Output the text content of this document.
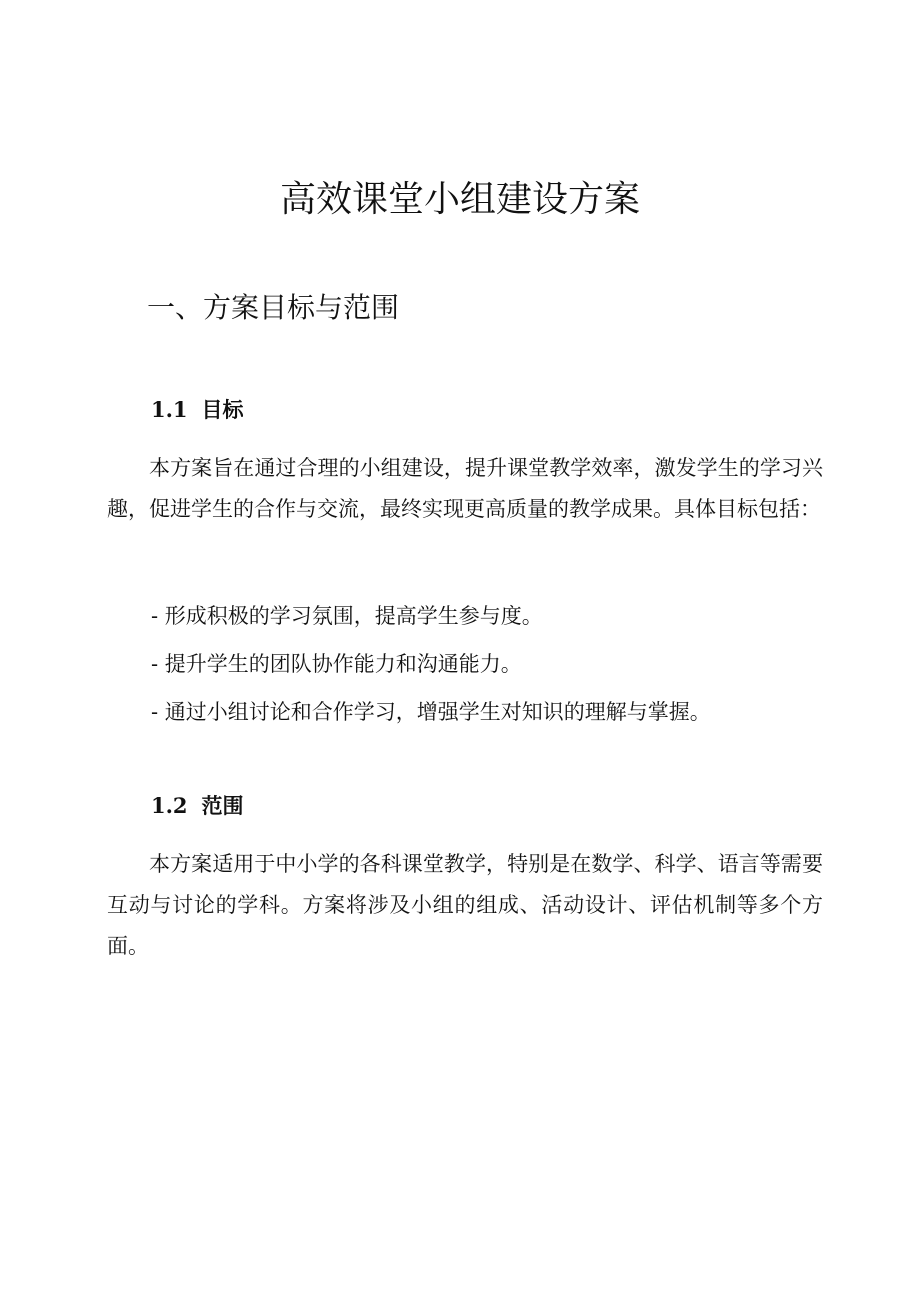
高效课堂小组建设方案
一、方案目标与范围
1.1 目标

本方案旨在通过合理的小组建设，提升课堂教学效率，激发学生的学习兴趣，促进学生的合作与交流，最终实现更高质量的教学成果。具体目标包括：

- 形成积极的学习氛围，提高学生参与度。
- 提升学生的团队协作能力和沟通能力。
- 通过小组讨论和合作学习，增强学生对知识的理解与掌握。
1.2 范围

本方案适用于中小学的各科课堂教学，特别是在数学、科学、语言等需要互动与讨论的学科。方案将涉及小组的组成、活动设计、评估机制等多个方面。
